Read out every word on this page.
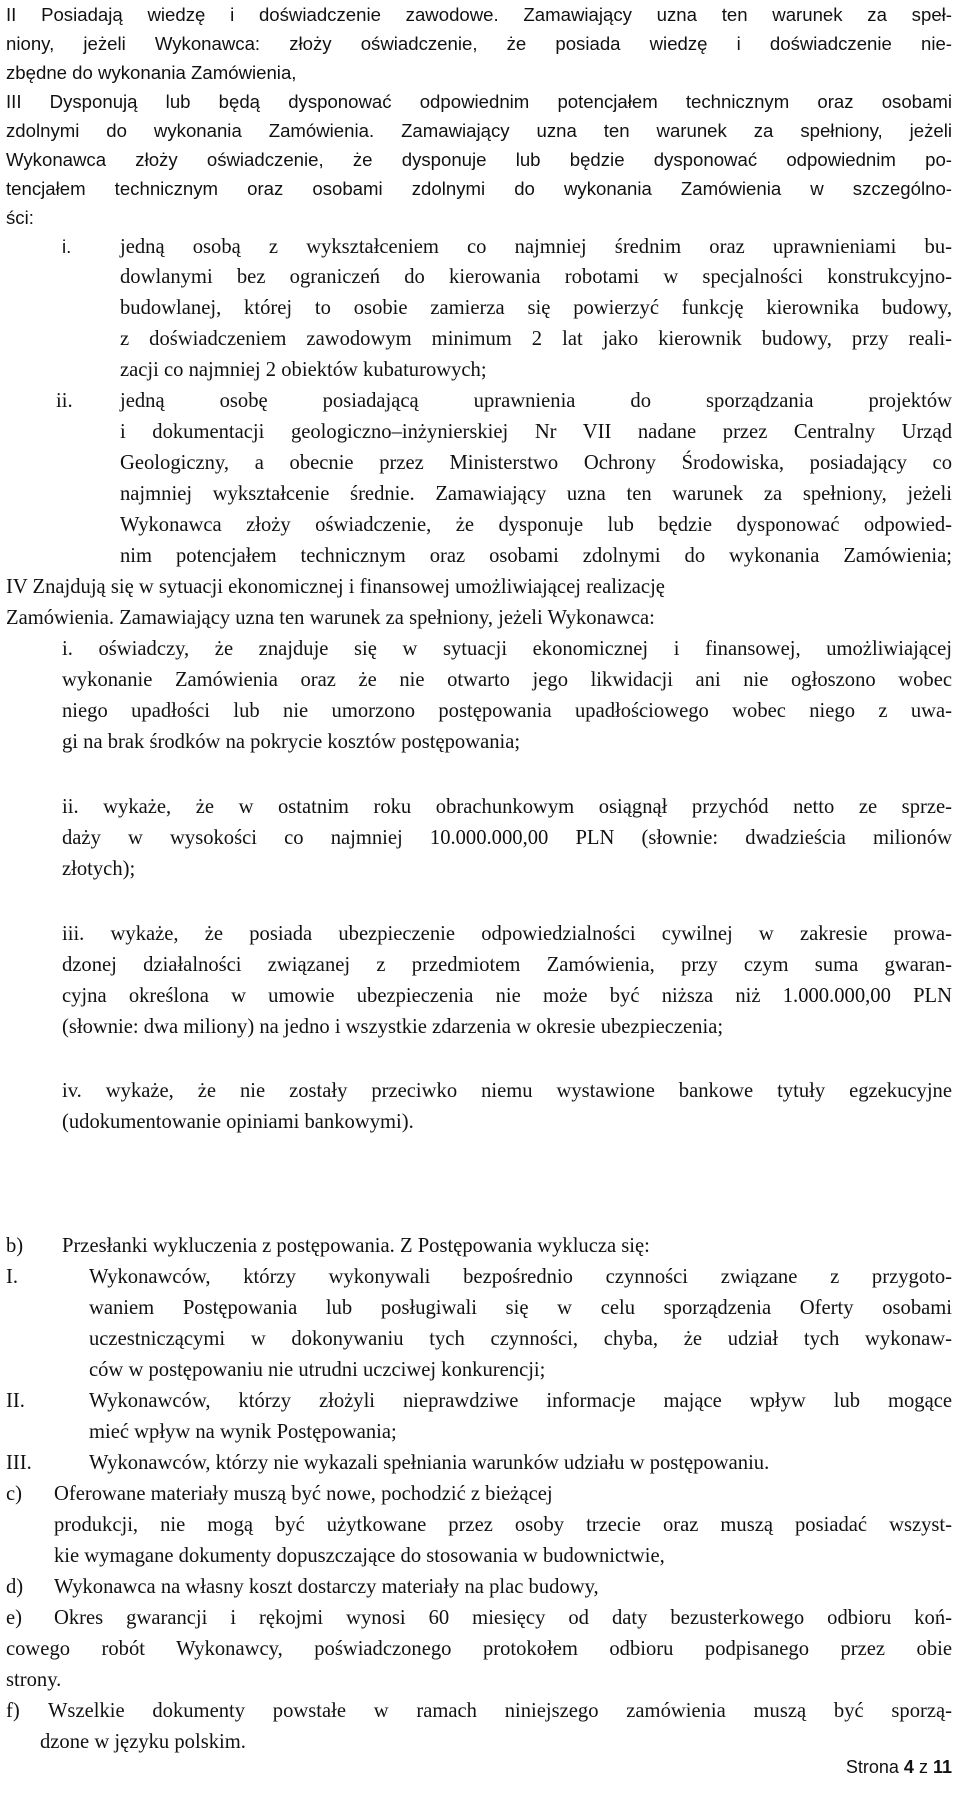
II Posiadają wiedzę i doświadczenie zawodowe. Zamawiający uzna ten warunek za speł-
niony, jeżeli Wykonawca: złoży oświadczenie, że posiada wiedzę i doświadczenie nie-
zbędne do wykonania Zamówienia,
III Dysponują lub będą dysponować odpowiednim potencjałem technicznym oraz osobami
zdolnymi do wykonania Zamówienia. Zamawiający uzna ten warunek za spełniony, jeżeli
Wykonawca złoży oświadczenie, że dysponuje lub będzie dysponować odpowiednim po-
tencjałem technicznym oraz osobami zdolnymi do wykonania Zamówienia w szczególno-
ści:
i. jedną osobą z wykształceniem co najmniej średnim oraz uprawnieniami bu-
dowlanymi bez ograniczeń do kierowania robotami w specjalności konstrukcyjno-
budowlanej, której to osobie zamierza się powierzyć funkcję kierownika budowy,
z doświadczeniem zawodowym minimum 2 lat jako kierownik budowy, przy reali-
zacji co najmniej 2 obiektów kubaturowych;
ii. jedną osobę posiadającą uprawnienia do sporządzania projektów
i dokumentacji geologiczno–inżynierskiej Nr VII nadane przez Centralny Urząd
Geologiczny, a obecnie przez Ministerstwo Ochrony Środowiska, posiadający co
najmniej wykształcenie średnie. Zamawiający uzna ten warunek za spełniony, jeżeli
Wykonawca złoży oświadczenie, że dysponuje lub będzie dysponować odpowied-
nim potencjałem technicznym oraz osobami zdolnymi do wykonania Zamówienia;
IV Znajdują się w sytuacji ekonomicznej i finansowej umożliwiającej realizację
Zamówienia. Zamawiający uzna ten warunek za spełniony, jeżeli Wykonawca:
i. oświadczy, że znajduje się w sytuacji ekonomicznej i finansowej, umożliwiającej
wykonanie Zamówienia oraz że nie otwarto jego likwidacji ani nie ogłoszono wobec
niego upadłości lub nie umorzono postępowania upadłościowego wobec niego z uwa-
gi na brak środków na pokrycie kosztów postępowania;
ii. wykaże, że w ostatnim roku obrachunkowym osiągnął przychód netto ze sprze-
daży w wysokości co najmniej 10.000.000,00 PLN (słownie: dwadzieścia milionów
złotych);
iii. wykaże, że posiada ubezpieczenie odpowiedzialności cywilnej w zakresie prowa-
dzonej działalności związanej z przedmiotem Zamówienia, przy czym suma gwaran-
cyjna określona w umowie ubezpieczenia nie może być niższa niż 1.000.000,00 PLN
(słownie: dwa miliony) na jedno i wszystkie zdarzenia w okresie ubezpieczenia;
iv. wykaże, że nie zostały przeciwko niemu wystawione bankowe tytuły egzekucyjne
(udokumentowanie opiniami bankowymi).
b) Przesłanki wykluczenia z postępowania. Z Postępowania wyklucza się:
I.	Wykonawców, którzy wykonywali bezpośrednio czynności związane z przygoto-
waniem Postępowania lub posługiwali się w celu sporządzenia Oferty osobami
uczestniczącymi w dokonywaniu tych czynności, chyba, że udział tych wykonaw-
ców w postępowaniu nie utrudni uczciwej konkurencji;
II.	Wykonawców, którzy złożyli nieprawdziwe informacje mające wpływ lub mogące
mieć wpływ na wynik Postępowania;
III.	Wykonawców, którzy nie wykazali spełniania warunków udziału w postępowaniu.
c) Oferowane materiały muszą być nowe, pochodzić z bieżącej
produkcji, nie mogą być użytkowane przez osoby trzecie oraz muszą posiadać wszyst-
kie wymagane dokumenty dopuszczające do stosowania w budownictwie,
d) Wykonawca na własny koszt dostarczy materiały na plac budowy,
e) Okres gwarancji i rękojmi wynosi 60 miesięcy od daty bezusterkowego odbioru koń-
cowego robót Wykonawcy, poświadczonego protokołem odbioru podpisanego przez obie
strony.
f) Wszelkie dokumenty powstałe w ramach niniejszego zamówienia muszą być sporzą-
dzone w języku polskim.
Strona 4 z 11
